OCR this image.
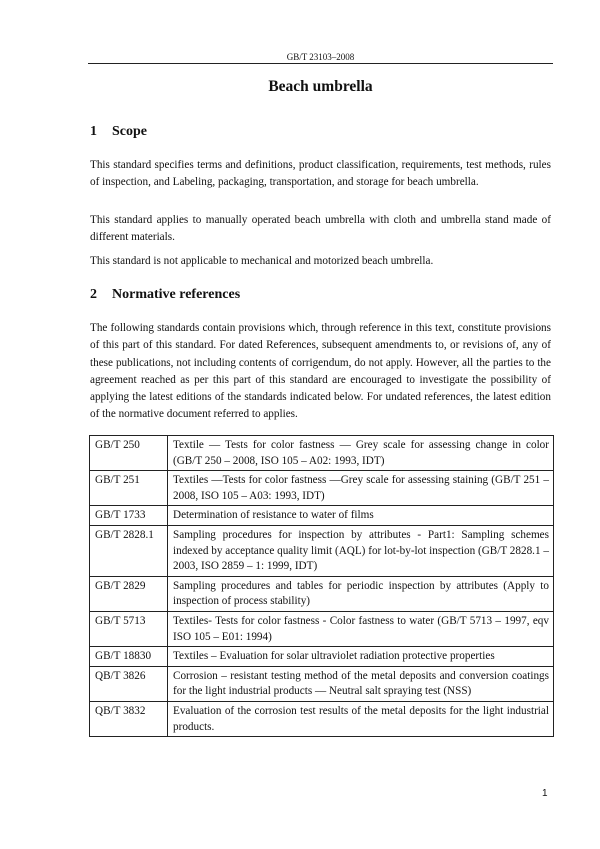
GB/T 23103–2008
Beach umbrella
1 Scope

This standard specifies terms and definitions, product classification, requirements, test methods, rules of inspection, and Labeling, packaging, transportation, and storage for beach umbrella.

This standard applies to manually operated beach umbrella with cloth and umbrella stand made of different materials.

This standard is not applicable to mechanical and motorized beach umbrella.

2 Normative references

The following standards contain provisions which, through reference in this text, constitute provisions of this part of this standard. For dated References, subsequent amendments to, or revisions of, any of these publications, not including contents of corrigendum, do not apply. However, all the parties to the agreement reached as per this part of this standard are encouraged to investigate the possibility of applying the latest editions of the standards indicated below. For undated references, the latest edition of the normative document referred to applies.

GB/T 250	Textile — Tests for color fastness — Grey scale for assessing change in color (GB/T 250 – 2008, ISO 105 – A02: 1993, IDT)
GB/T 251	Textiles —Tests for color fastness —Grey scale for assessing staining (GB/T 251 – 2008, ISO 105 – A03: 1993, IDT)
GB/T 1733	Determination of resistance to water of films
GB/T 2828.1	Sampling procedures for inspection by attributes - Part1: Sampling schemes indexed by acceptance quality limit (AQL) for lot-by-lot inspection (GB/T 2828.1 – 2003, ISO 2859 – 1: 1999, IDT)
GB/T 2829	Sampling procedures and tables for periodic inspection by attributes (Apply to inspection of process stability)
GB/T 5713	Textiles- Tests for color fastness - Color fastness to water (GB/T 5713 – 1997, eqv ISO 105 – E01: 1994)
GB/T 18830	Textiles – Evaluation for solar ultraviolet radiation protective properties
QB/T 3826	Corrosion – resistant testing method of the metal deposits and conversion coatings for the light industrial products — Neutral salt spraying test (NSS)
QB/T 3832	Evaluation of the corrosion test results of the metal deposits for the light industrial products.
1
